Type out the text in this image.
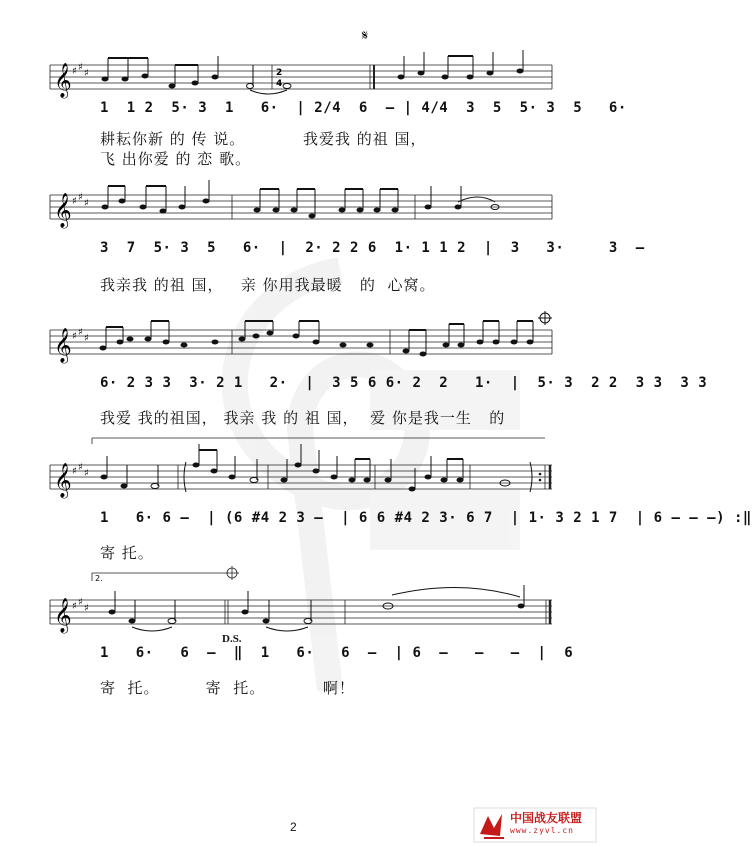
𝄞 ♯ ♯
♯	2
4
𝄋
1  1 2  5· 3  1   6·  | 2/4  6  — | 4/4  3  5  5· 3  5   6·
耕耘你新 的 传 说。          我爱我 的祖 国，
飞 出你爱 的 恋 歌。
𝄞 ♯ ♯
♯
3  7  5· 3  5   6·  |  2· 2 2 6  1· 1 1 2  |  3   3·     3  —
我亲我 的祖 国，   亲 你用我最暖   的  心窝。
𝄞 ♯ ♯
♯
6· 2 3 3  3· 2 1   2·  |  3 5 6 6· 2  2   1·  |  5· 3  2 2  3 3  3 3
我爱 我的祖国， 我亲 我 的 祖 国，  爱 你是我一生   的
𝄞 ♯ ♯
♯
1   6· 6 —  | (6 #4 2 3 —  | 6 6 #4 2 3· 6 7  | 1· 3 2 1 7  | 6 — — —) :‖
寄 托。
2.
𝄞 ♯ ♯
♯
D.S.
1   6·   6  —  ‖  1   6·   6  —  | 6  —   —   —  |  6
寄  托。        寄  托。          啊！
2
中国战友联盟
www.zyvl.cn
